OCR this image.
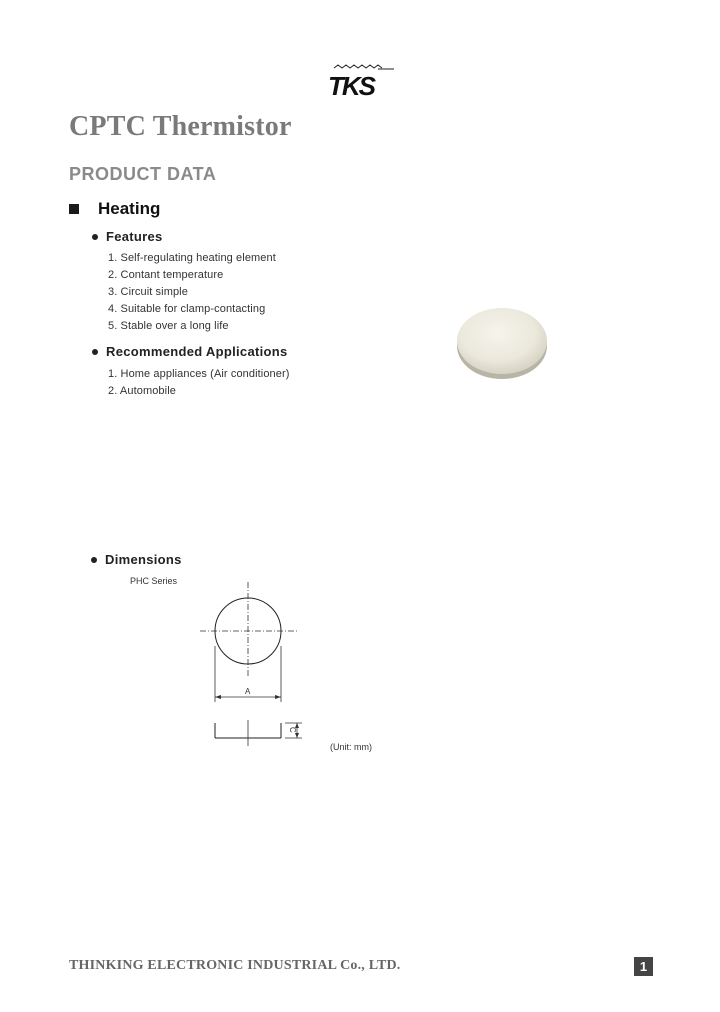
TKS
CPTC Thermistor
PRODUCT DATA
Heating
Features
1. Self-regulating heating element
2. Contant temperature
3. Circuit simple
4. Suitable for clamp-contacting
5. Stable over a long life
Recommended Applications
1. Home appliances (Air conditioner)
2. Automobile
Dimensions
PHC Series
A
C
(Unit: mm)

THINKING ELECTRONIC INDUSTRIAL Co., LTD.	1
